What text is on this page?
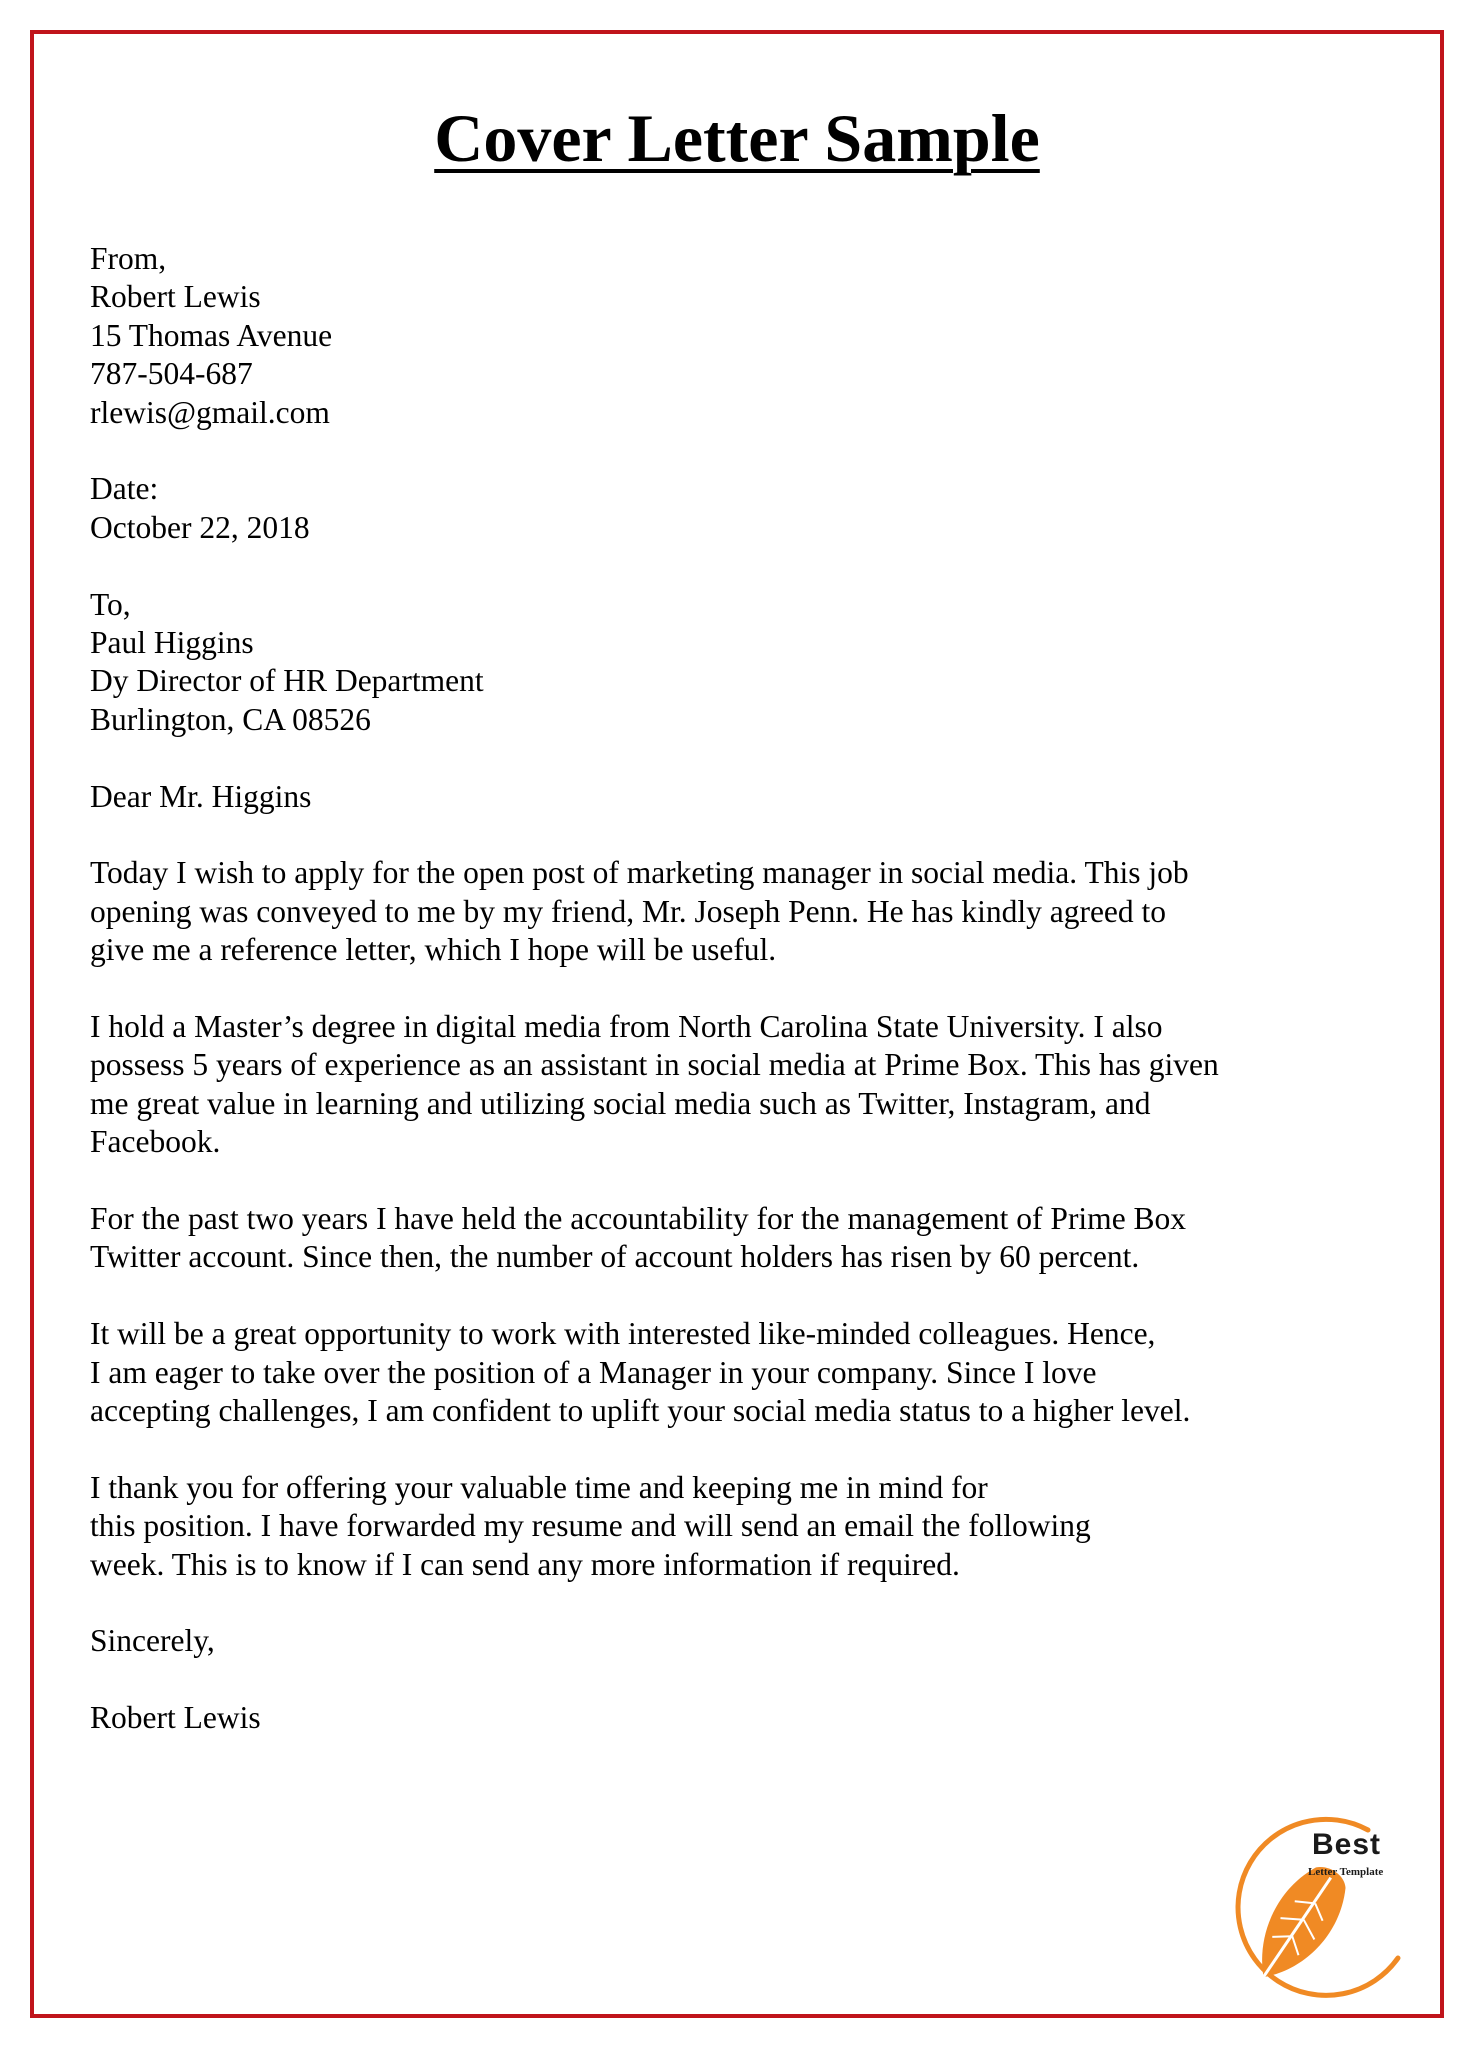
Cover Letter Sample
From,
Robert Lewis
15 Thomas Avenue
787-504-687
rlewis@gmail.com
Date:
October 22, 2018
To,
Paul Higgins
Dy Director of HR Department
Burlington, CA 08526
Dear Mr. Higgins
Today I wish to apply for the open post of marketing manager in social media. This job
opening was conveyed to me by my friend, Mr. Joseph Penn. He has kindly agreed to
give me a reference letter, which I hope will be useful.
I hold a Master’s degree in digital media from North Carolina State University. I also
possess 5 years of experience as an assistant in social media at Prime Box. This has given
me great value in learning and utilizing social media such as Twitter, Instagram, and
Facebook.
For the past two years I have held the accountability for the management of Prime Box
Twitter account. Since then, the number of account holders has risen by 60 percent.
It will be a great opportunity to work with interested like-minded colleagues. Hence,
I am eager to take over the position of a Manager in your company. Since I love
accepting challenges, I am confident to uplift your social media status to a higher level.
I thank you for offering your valuable time and keeping me in mind for
this position. I have forwarded my resume and will send an email the following
week. This is to know if I can send any more information if required.
Sincerely,
Robert Lewis
Best
Letter Template
